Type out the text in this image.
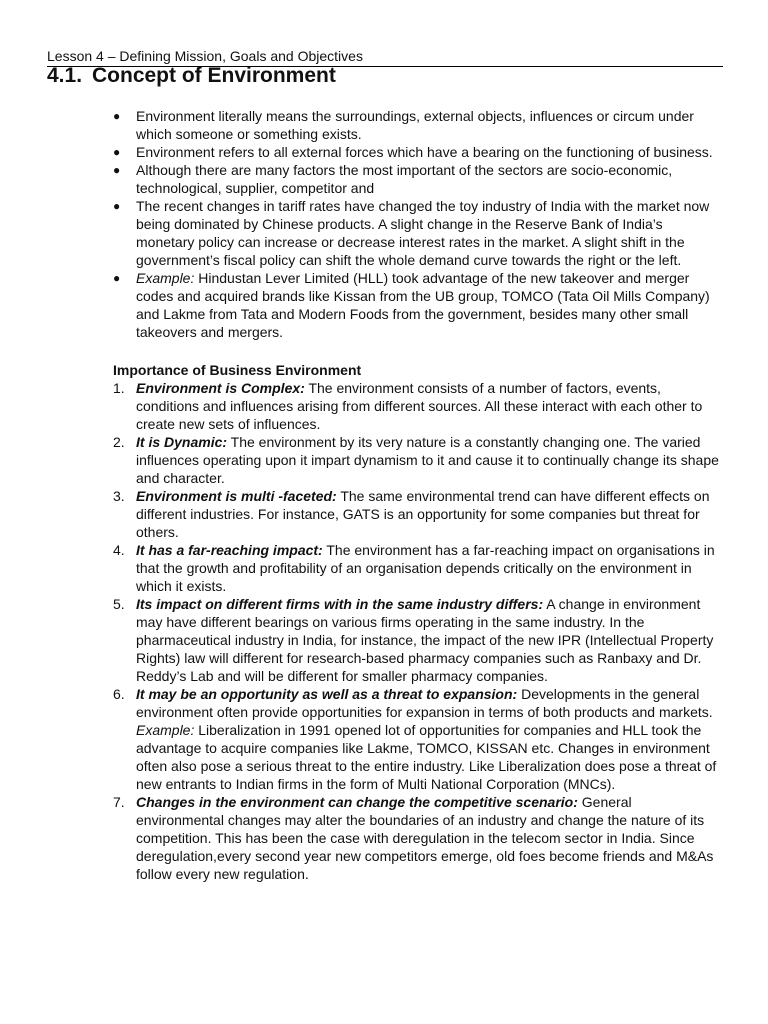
Lesson 4 – Defining Mission, Goals and Objectives
4.1. Concept of Environment
● Environment literally means the surroundings, external objects, influences or circum under which someone or something exists.
● Environment refers to all external forces which have a bearing on the functioning of business.
● Although there are many factors the most important of the sectors are socio-economic, technological, supplier, competitor and
● The recent changes in tariff rates have changed the toy industry of India with the market now being dominated by Chinese products. A slight change in the Reserve Bank of India’s monetary policy can increase or decrease interest rates in the market. A slight shift in the government’s fiscal policy can shift the whole demand curve towards the right or the left.
● Example: Hindustan Lever Limited (HLL) took advantage of the new takeover and merger codes and acquired brands like Kissan from the UB group, TOMCO (Tata Oil Mills Company) and Lakme from Tata and Modern Foods from the government, besides many other small takeovers and mergers.
Importance of Business Environment
1. Environment is Complex: The environment consists of a number of factors, events, conditions and influences arising from different sources. All these interact with each other to create new sets of influences.
2. It is Dynamic: The environment by its very nature is a constantly changing one. The varied influences operating upon it impart dynamism to it and cause it to continually change its shape and character.
3. Environment is multi -faceted: The same environmental trend can have different effects on different industries. For instance, GATS is an opportunity for some companies but threat for others.
4. It has a far-reaching impact: The environment has a far-reaching impact on organisations in that the growth and profitability of an organisation depends critically on the environment in which it exists.
5. Its impact on different firms with in the same industry differs: A change in environment may have different bearings on various firms operating in the same industry. In the pharmaceutical industry in India, for instance, the impact of the new IPR (Intellectual Property Rights) law will different for research-based pharmacy companies such as Ranbaxy and Dr. Reddy’s Lab and will be different for smaller pharmacy companies.
6. It may be an opportunity as well as a threat to expansion: Developments in the general environment often provide opportunities for expansion in terms of both products and markets.
Example: Liberalization in 1991 opened lot of opportunities for companies and HLL took the advantage to acquire companies like Lakme, TOMCO, KISSAN etc. Changes in environment often also pose a serious threat to the entire industry. Like Liberalization does pose a threat of new entrants to Indian firms in the form of Multi National Corporation (MNCs).
7. Changes in the environment can change the competitive scenario: General environmental changes may alter the boundaries of an industry and change the nature of its competition. This has been the case with deregulation in the telecom sector in India. Since deregulation,every second year new competitors emerge, old foes become friends and M&As follow every new regulation.
